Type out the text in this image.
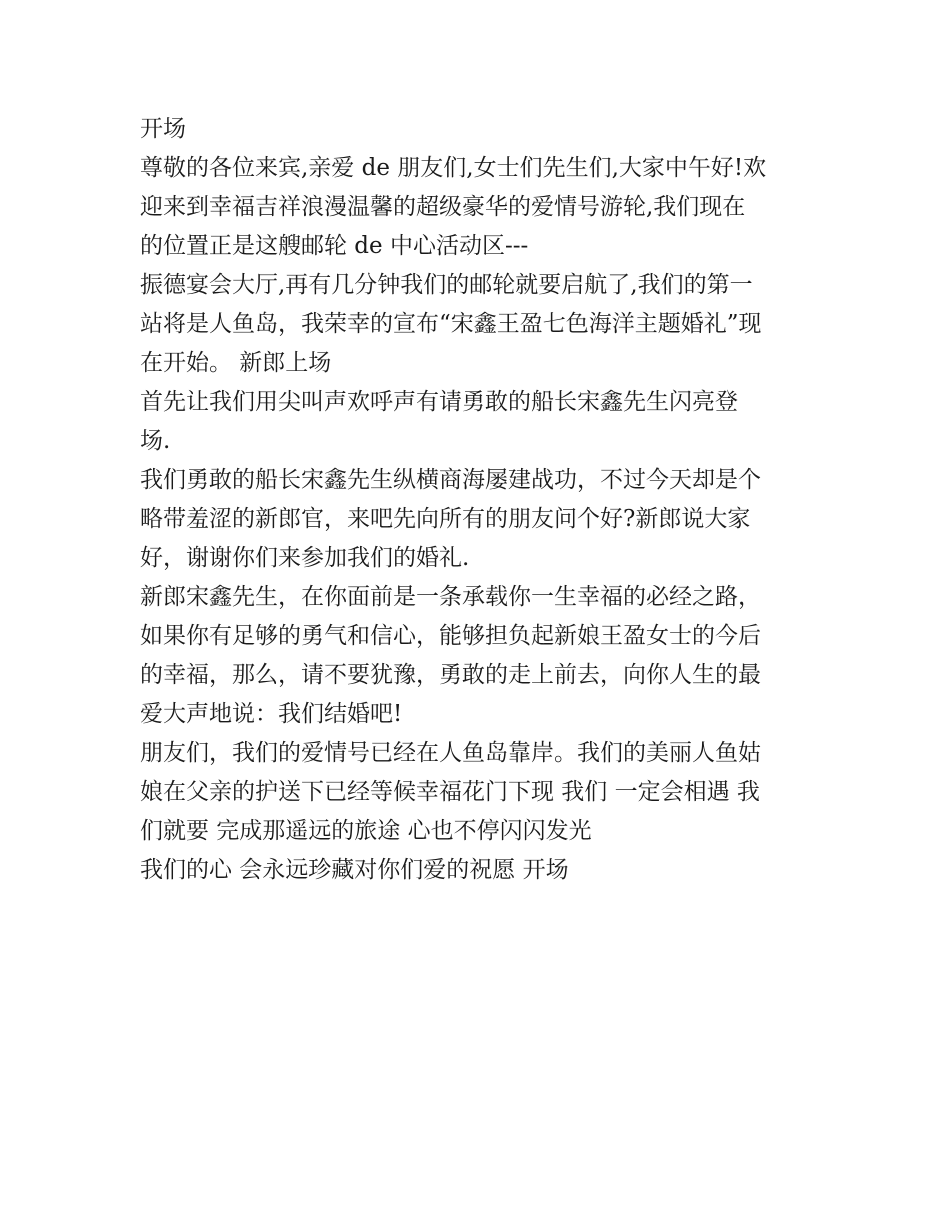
开场

尊敬的各位来宾,亲爱 de 朋友们,女士们先生们,大家中午好!欢

迎来到幸福吉祥浪漫温馨的超级豪华的爱情号游轮,我们现在

的位置正是这艘邮轮 de 中心活动区---

振德宴会大厅,再有几分钟我们的邮轮就要启航了,我们的第一

站将是人鱼岛，我荣幸的宣布“宋鑫王盈七色海洋主题婚礼”现

在开始。 新郎上场

首先让我们用尖叫声欢呼声有请勇敢的船长宋鑫先生闪亮登

场.

我们勇敢的船长宋鑫先生纵横商海屡建战功，不过今天却是个

略带羞涩的新郎官，来吧先向所有的朋友问个好?新郎说大家

好，谢谢你们来参加我们的婚礼.

新郎宋鑫先生，在你面前是一条承载你一生幸福的必经之路，

如果你有足够的勇气和信心，能够担负起新娘王盈女士的今后

的幸福，那么，请不要犹豫，勇敢的走上前去，向你人生的最

爱大声地说：我们结婚吧!

朋友们，我们的爱情号已经在人鱼岛靠岸。我们的美丽人鱼姑

娘在父亲的护送下已经等候幸福花门下现 我们 一定会相遇 我

们就要 完成那遥远的旅途 心也不停闪闪发光

我们的心 会永远珍藏对你们爱的祝愿 开场
